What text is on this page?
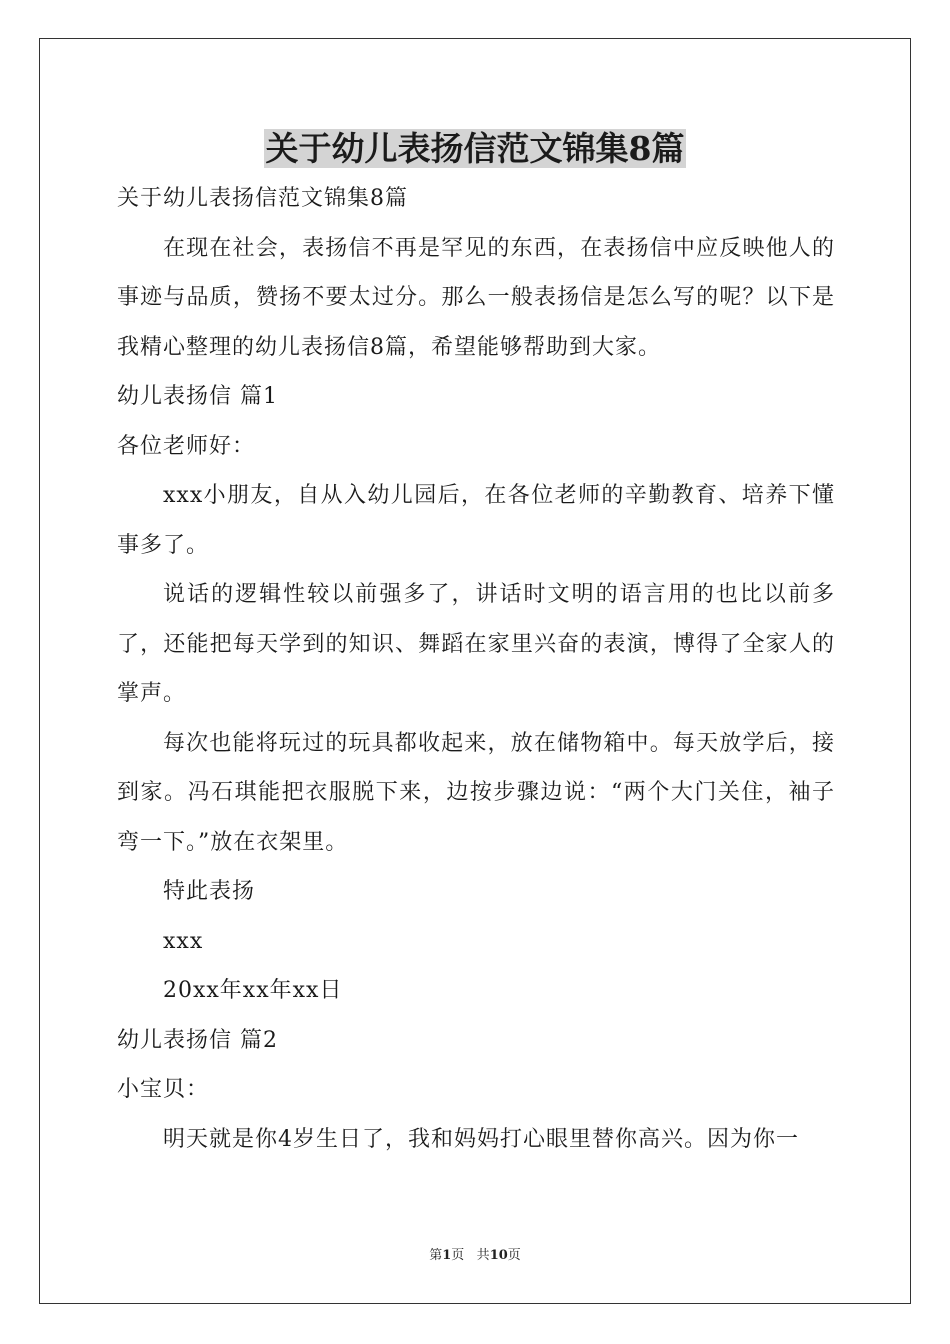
关于幼儿表扬信范文锦集8篇

关于幼儿表扬信范文锦集8篇

在现在社会，表扬信不再是罕见的东西，在表扬信中应反映他人的事迹与品质，赞扬不要太过分。那么一般表扬信是怎么写的呢？以下是我精心整理的幼儿表扬信8篇，希望能够帮助到大家。

幼儿表扬信 篇1

各位老师好：

xxx小朋友，自从入幼儿园后，在各位老师的辛勤教育、培养下懂事多了。

说话的逻辑性较以前强多了，讲话时文明的语言用的也比以前多了，还能把每天学到的知识、舞蹈在家里兴奋的表演，博得了全家人的掌声。

每次也能将玩过的玩具都收起来，放在储物箱中。每天放学后，接到家。冯石琪能把衣服脱下来，边按步骤边说：“两个大门关住，袖子弯一下。”放在衣架里。

特此表扬

xxx

20xx年xx年xx日

幼儿表扬信 篇2

小宝贝：

明天就是你4岁生日了，我和妈妈打心眼里替你高兴。因为你一

第1页 共10页
